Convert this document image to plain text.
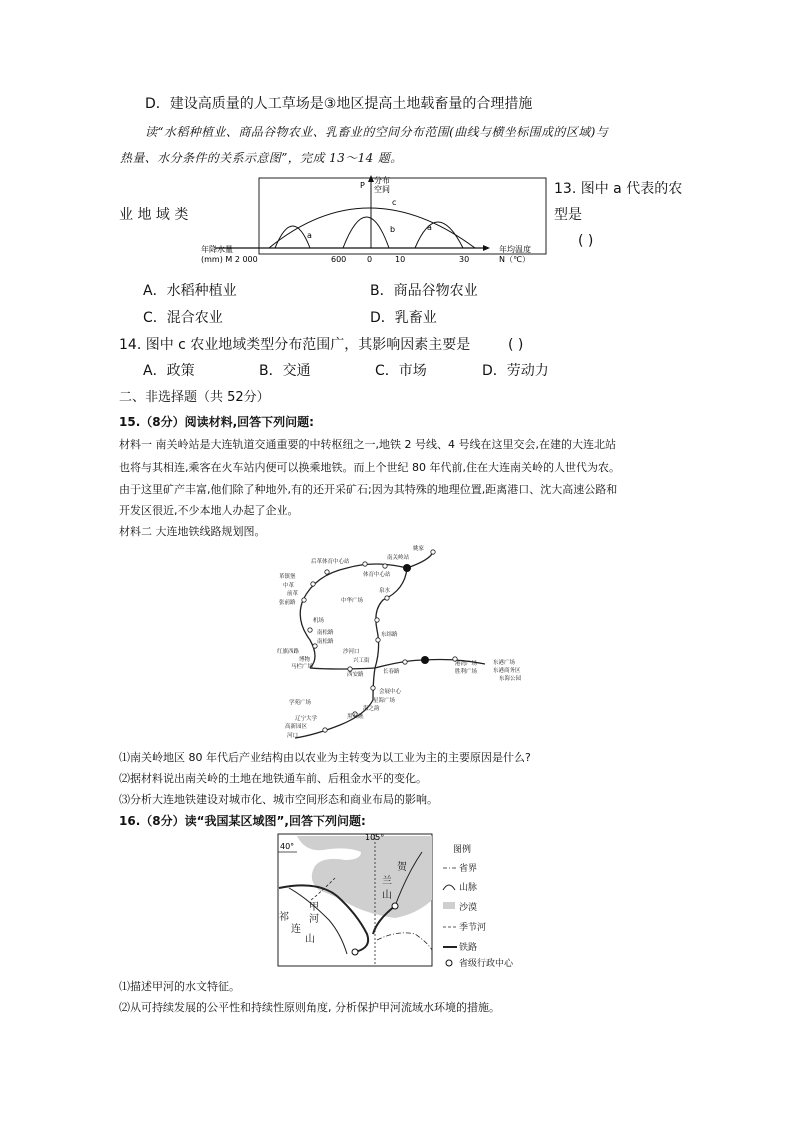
D．建设高质量的人工草场是③地区提高土地载畜量的合理措施
读“水稻种植业、商品谷物农业、乳畜业的空间分布范围(曲线与横坐标围成的区域)与
热量、水分条件的关系示意图”，完成 13～14 题。
分布
空间
P
年降水量
(mm) M 2 000
年均温度
N（℃）
600	0	10	30
a
b	a
c
13. 图中 a 代表的农
业 地 域 类	型是
( )
A．水稻种植业	B．商品谷物农业
C．混合农业	D．乳畜业
14. 图中 c 农业地域类型分布范围广，其影响因素主要是	( )
A．政策	B．交通	C．市场	D．劳动力
二、非选择题（共 52分）
15.（8分）阅读材料,回答下列问题:
材料一 南关岭站是大连轨道交通重要的中转枢纽之一,地铁 2 号线、4 号线在这里交会,在建的大连北站
也将与其相连,乘客在火车站内便可以换乘地铁。而上个世纪 80 年代前,住在大连南关岭的人世代为农。
由于这里矿产丰富,他们除了种地外,有的还开采矿石;因为其特殊的地理位置,距离港口、沈大高速公路和
开发区很近,不少本地人办起了企业。
材料二 大连地铁线路规划图。
姚家
南关岭站
后革体育中心站
体育中心站
革镇堡
中革
前革
张前路	中华广场
泉水
机场
南松路
南松路
东纬路
红旗西路	沙河口
兴工街
西安路	长春路
马栏广场
博物
港湾广场
东港商务区
东港广场
胜利广场
东海公园
会展中心
星海广场
海之韵
黑石礁
学苑广场
辽宁大学
高新园区
河口
⑴南关岭地区 80 年代后产业结构由以农业为主转变为以工业为主的主要原因是什么?
⑵据材料说出南关岭的土地在地铁通车前、后租金水平的变化。
⑶分析大连地铁建设对城市化、城市空间形态和商业布局的影响。
16.（8分）读“我国某区域图”,回答下列问题:
105°
40°
贺
兰
山
甲
河
祁
连
山
图例
省界
山脉
沙漠
季节河
铁路
省级行政中心
⑴描述甲河的水文特征。
⑵从可持续发展的公平性和持续性原则角度, 分析保护甲河流域水环境的措施。
